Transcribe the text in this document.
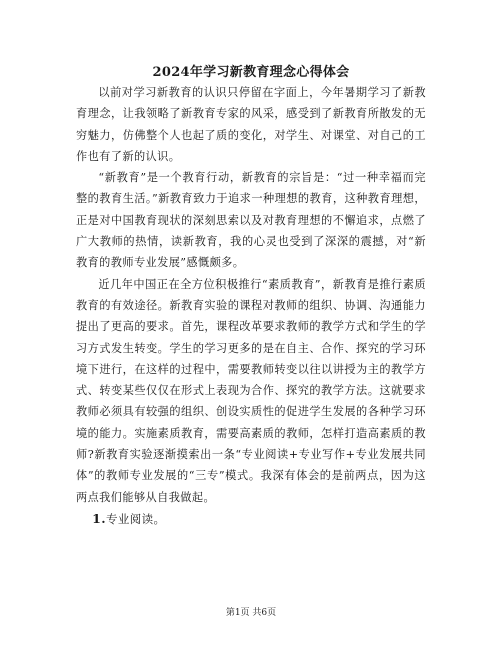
2024年学习新教育理念心得体会

以前对学习新教育的认识只停留在字面上，今年暑期学习了新教育理念，让我领略了新教育专家的风采，感受到了新教育所散发的无穷魅力，仿佛整个人也起了质的变化，对学生、对课堂、对自己的工作也有了新的认识。

“新教育”是一个教育行动，新教育的宗旨是：“过一种幸福而完整的教育生活。”新教育致力于追求一种理想的教育，这种教育理想，正是对中国教育现状的深刻思索以及对教育理想的不懈追求，点燃了广大教师的热情，读新教育，我的心灵也受到了深深的震撼，对“新教育的教师专业发展”感慨颇多。

近几年中国正在全方位积极推行“素质教育”，新教育是推行素质教育的有效途径。新教育实验的课程对教师的组织、协调、沟通能力提出了更高的要求。首先，课程改革要求教师的教学方式和学生的学习方式发生转变。学生的学习更多的是在自主、合作、探究的学习环境下进行，在这样的过程中，需要教师转变以往以讲授为主的教学方式、转变某些仅仅在形式上表现为合作、探究的教学方法。这就要求教师必须具有较强的组织、创设实质性的促进学生发展的各种学习环境的能力。实施素质教育，需要高素质的教师，怎样打造高素质的教师?新教育实验逐渐摸索出一条“专业阅读+专业写作+专业发展共同体”的教师专业发展的“三专”模式。我深有体会的是前两点，因为这两点我们能够从自我做起。

1.专业阅读。

第1页 共6页
